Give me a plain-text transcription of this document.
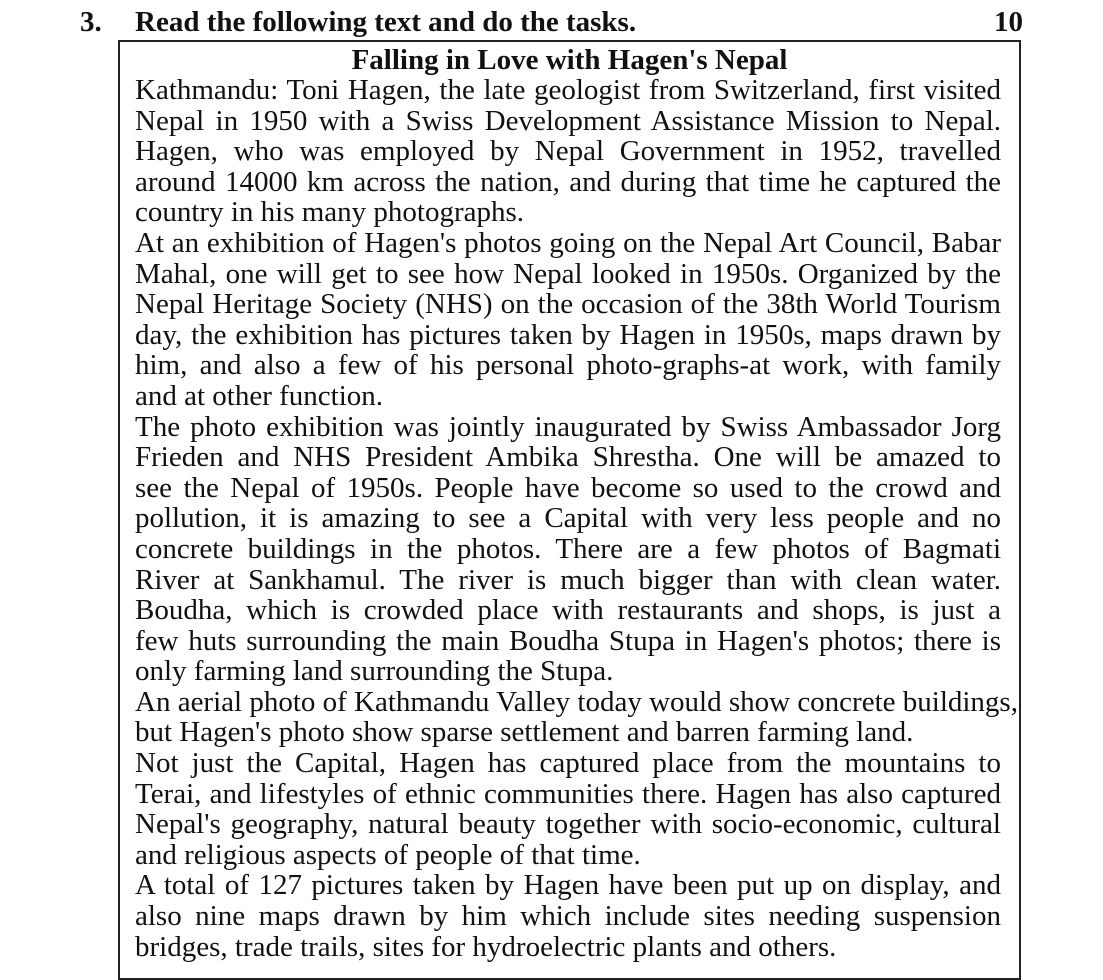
3. Read the following text and do the tasks.	10
Falling in Love with Hagen's Nepal
Kathmandu: Toni Hagen, the late geologist from Switzerland, first visited
Nepal in 1950 with a Swiss Development Assistance Mission to Nepal.
Hagen, who was employed by Nepal Government in 1952, travelled
around 14000 km across the nation, and during that time he captured the
country in his many photographs.
At an exhibition of Hagen's photos going on the Nepal Art Council, Babar
Mahal, one will get to see how Nepal looked in 1950s. Organized by the
Nepal Heritage Society (NHS) on the occasion of the 38th World Tourism
day, the exhibition has pictures taken by Hagen in 1950s, maps drawn by
him, and also a few of his personal photo-graphs-at work, with family
and at other function.
The photo exhibition was jointly inaugurated by Swiss Ambassador Jorg
Frieden and NHS President Ambika Shrestha. One will be amazed to
see the Nepal of 1950s. People have become so used to the crowd and
pollution, it is amazing to see a Capital with very less people and no
concrete buildings in the photos. There are a few photos of Bagmati
River at Sankhamul. The river is much bigger than with clean water.
Boudha, which is crowded place with restaurants and shops, is just a
few huts surrounding the main Boudha Stupa in Hagen's photos; there is
only farming land surrounding the Stupa.
An aerial photo of Kathmandu Valley today would show concrete buildings,
but Hagen's photo show sparse settlement and barren farming land.
Not just the Capital, Hagen has captured place from the mountains to
Terai, and lifestyles of ethnic communities there. Hagen has also captured
Nepal's geography, natural beauty together with socio-economic, cultural
and religious aspects of people of that time.
A total of 127 pictures taken by Hagen have been put up on display, and
also nine maps drawn by him which include sites needing suspension
bridges, trade trails, sites for hydroelectric plants and others.
